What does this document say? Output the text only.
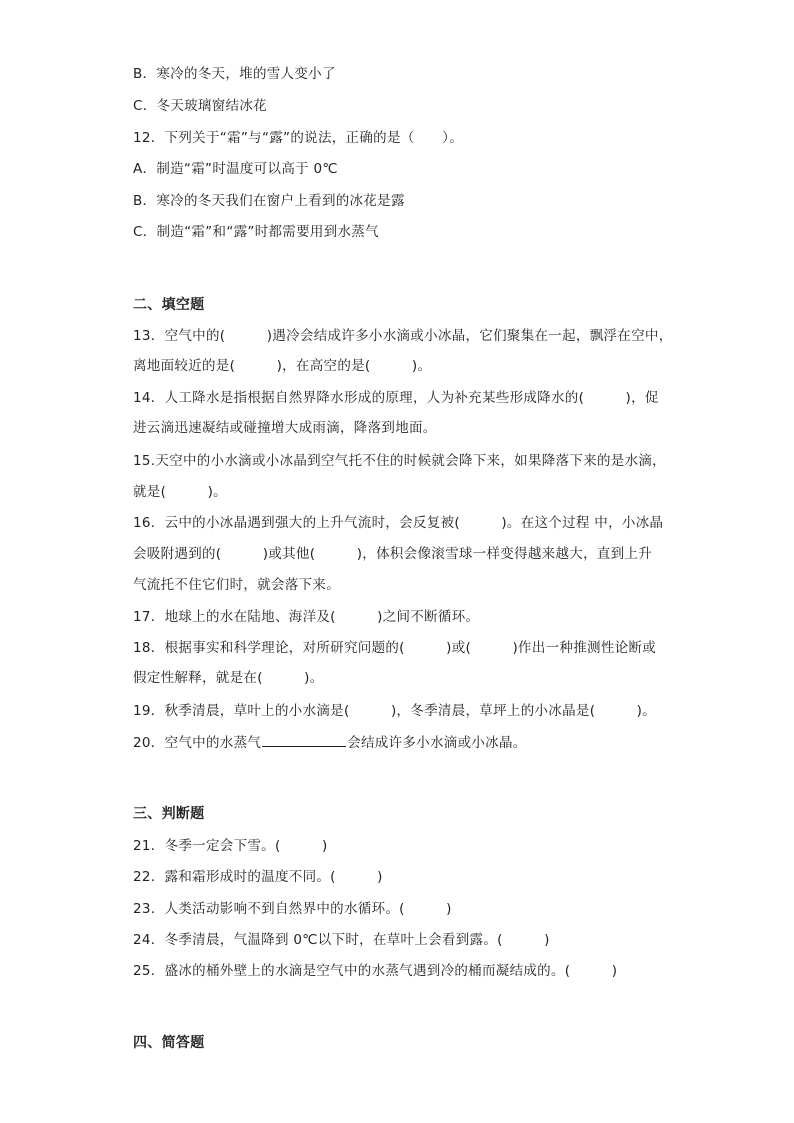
B．寒冷的冬天，堆的雪人变小了
C．冬天玻璃窗结冰花
12．下列关于“霜”与“露”的说法，正确的是（　　）。
A．制造“霜”时温度可以高于 0℃
B．寒冷的冬天我们在窗户上看到的冰花是露
C．制造“霜”和“露”时都需要用到水蒸气
二、填空题
13．空气中的(　　　)遇冷会结成许多小水滴或小冰晶，它们聚集在一起，飘浮在空中，
离地面较近的是(　　　)，在高空的是(　　　)。
14．人工降水是指根据自然界降水形成的原理，人为补充某些形成降水的(　　　)，促
进云滴迅速凝结或碰撞增大成雨滴，降落到地面。
15.天空中的小水滴或小冰晶到空气托不住的时候就会降下来，如果降落下来的是水滴，
就是(　　　)。
16．云中的小冰晶遇到强大的上升气流时，会反复被(　　　)。在这个过程 中，小冰晶
会吸附遇到的(　　　)或其他(　　　)，体积会像滚雪球一样变得越来越大，直到上升
气流托不住它们时，就会落下来。
17．地球上的水在陆地、海洋及(　　　)之间不断循环。
18．根据事实和科学理论，对所研究问题的(　　　)或(　　　)作出一种推测性论断或
假定性解释，就是在(　　　)。
19．秋季清晨，草叶上的小水滴是(　　　)，冬季清晨，草坪上的小冰晶是(　　　)。
20．空气中的水蒸气	会结成许多小水滴或小冰晶。
三、判断题
21．冬季一定会下雪。(　　　)
22．露和霜形成时的温度不同。(　　　)
23．人类活动影响不到自然界中的水循环。(　　　)
24．冬季清晨，气温降到 0℃以下时，在草叶上会看到露。(　　　)
25．盛冰的桶外壁上的水滴是空气中的水蒸气遇到冷的桶而凝结成的。(　　　)
四、简答题
